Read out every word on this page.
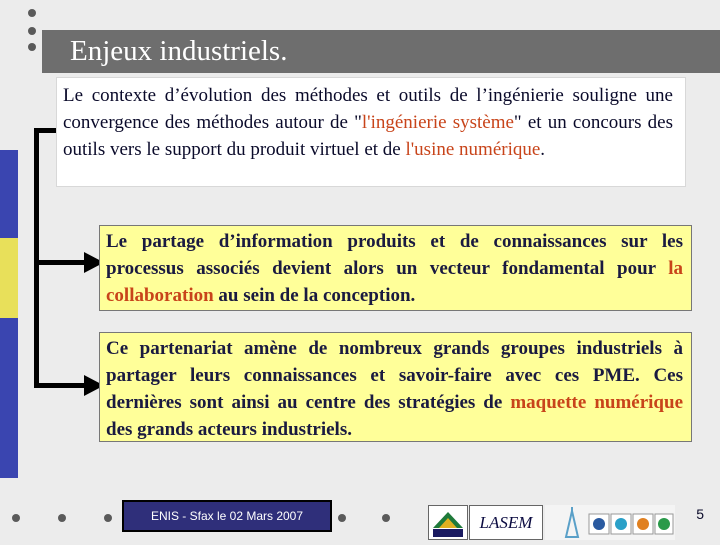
Enjeux industriels.
Le contexte d’évolution des méthodes et outils de l’ingénierie souligne une convergence des méthodes autour de "l'ingénierie système" et un concours des outils vers le support du produit virtuel et de l'usine numérique.
Le partage d’information produits et de connaissances sur les processus associés devient alors un vecteur fondamental pour la collaboration au sein de la conception.
Ce partenariat amène de nombreux grands groupes industriels à partager leurs connaissances et savoir-faire avec ces PME. Ces dernières sont ainsi au centre des stratégies de maquette numérique des grands acteurs industriels.
ENIS - Sfax le 02 Mars 2007	LASEM	5
